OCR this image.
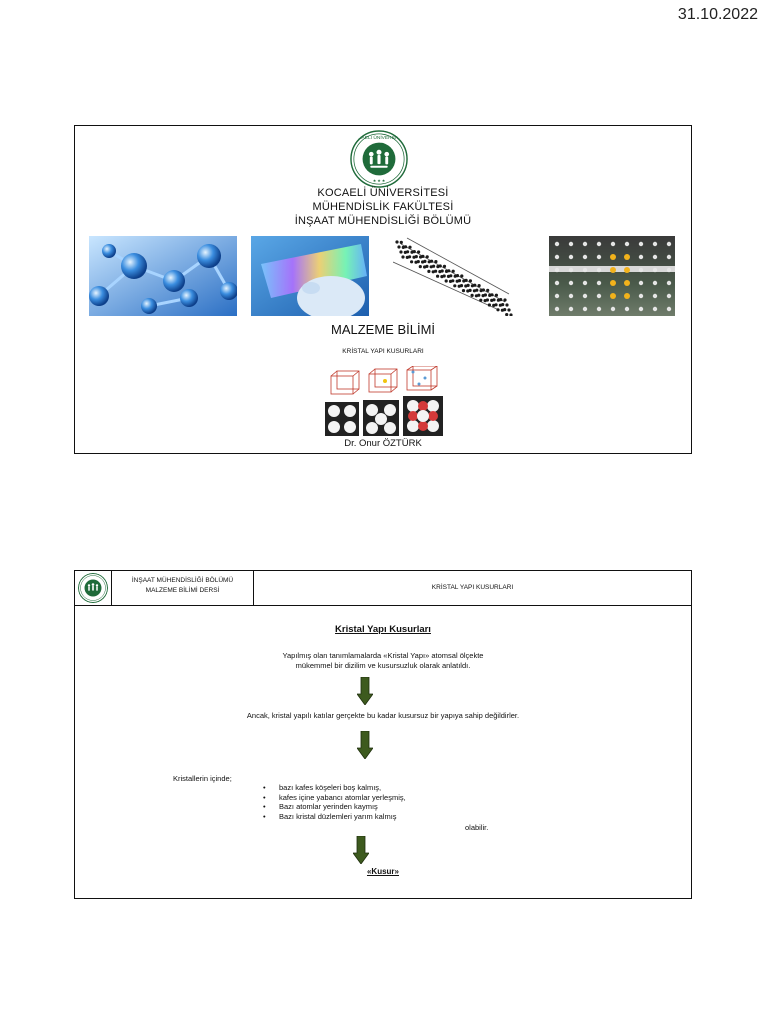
31.10.2022
KOCAELİ ÜNİVERSİTESİ
★ ★ ★
KOCAELİ ÜNİVERSİTESİ
MÜHENDİSLİK FAKÜLTESİ
İNŞAAT MÜHENDİSLİĞİ BÖLÜMÜ
MALZEME BİLİMİ
KRİSTAL YAPI KUSURLARI
Dr. Onur ÖZTÜRK
İNŞAAT MÜHENDİSLİĞİ BÖLÜMÜ
MALZEME BİLİMİ DERSİ	KRİSTAL YAPI KUSURLARI
Kristal Yapı Kusurları
Yapılmış olan tanımlamalarda «Kristal Yapı» atomsal ölçekte
mükemmel bir dizilim ve kusursuzluk olarak anlatıldı.
Ancak, kristal yapılı katılar gerçekte bu kadar kusursuz bir yapıya sahip değildirler.
Kristallerin içinde;
• bazı kafes köşeleri boş kalmış,
• kafes içine yabancı atomlar yerleşmiş,
• Bazı atomlar yerinden kaymış
• Bazı kristal düzlemleri yarım kalmış
olabilir.
«Kusur»
